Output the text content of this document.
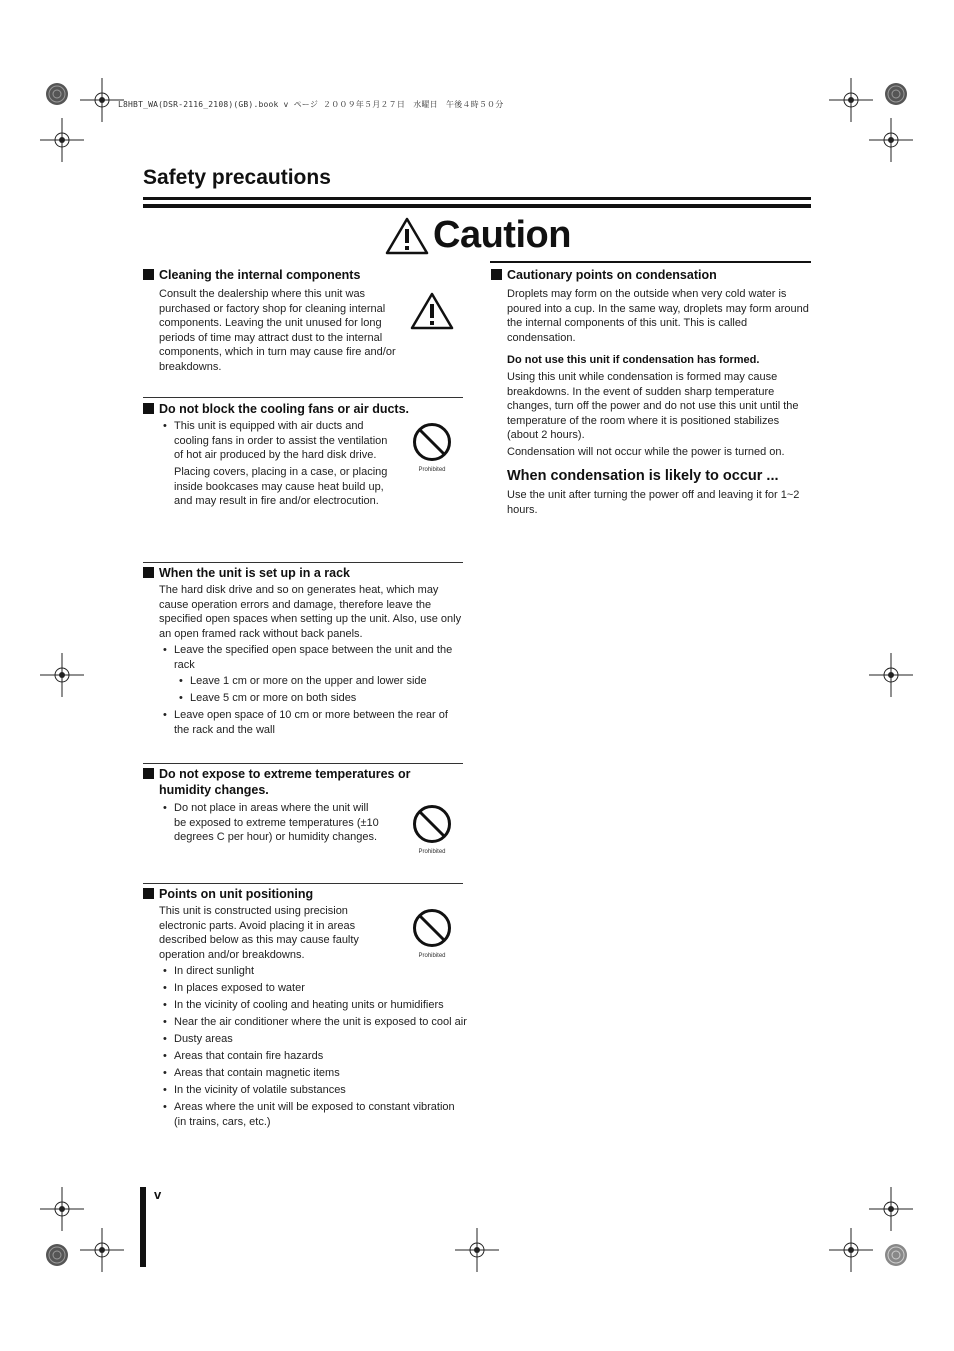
L8HBT_WA(DSR-2116_2108)(GB).book v ページ ２００９年５月２７日　水曜日　午後４時５０分
Safety precautions
Caution
Cleaning the internal components

Consult the dealership where this unit was purchased or factory shop for cleaning internal components. Leaving the unit unused for long periods of time may attract dust to the internal components, which in turn may cause fire and/or breakdowns.

Do not block the cooling fans or air ducts.
• This unit is equipped with air ducts and cooling fans in order to assist the ventilation of hot air produced by the hard disk drive.

Placing covers, placing in a case, or placing inside bookcases may cause heat build up, and may result in fire and/or electrocution.

Prohibited
When the unit is set up in a rack

The hard disk drive and so on generates heat, which may cause operation errors and damage, therefore leave the specified open spaces when setting up the unit. Also, use only an open framed rack without back panels.

• Leave the specified open space between the unit and the rack
• Leave 1 cm or more on the upper and lower side
• Leave 5 cm or more on both sides
• Leave open space of 10 cm or more between the rear of the rack and the wall
Do not expose to extreme temperatures or humidity changes.
• Do not place in areas where the unit will be exposed to extreme temperatures (±10 degrees C per hour) or humidity changes.
Prohibited
Points on unit positioning

This unit is constructed using precision electronic parts. Avoid placing it in areas described below as this may cause faulty operation and/or breakdowns.

• In direct sunlight
• In places exposed to water
• In the vicinity of cooling and heating units or humidifiers
• Near the air conditioner where the unit is exposed to cool air
• Dusty areas
• Areas that contain fire hazards
• Areas that contain magnetic items
• In the vicinity of volatile substances
• Areas where the unit will be exposed to constant vibration (in trains, cars, etc.)
Prohibited
Cautionary points on condensation

Droplets may form on the outside when very cold water is poured into a cup. In the same way, droplets may form around the internal components of this unit. This is called condensation.

Do not use this unit if condensation has formed.

Using this unit while condensation is formed may cause breakdowns. In the event of sudden sharp temperature changes, turn off the power and do not use this unit until the temperature of the room where it is positioned stabilizes (about 2 hours).

Condensation will not occur while the power is turned on.

When condensation is likely to occur ...

Use the unit after turning the power off and leaving it for 1~2 hours.

v
